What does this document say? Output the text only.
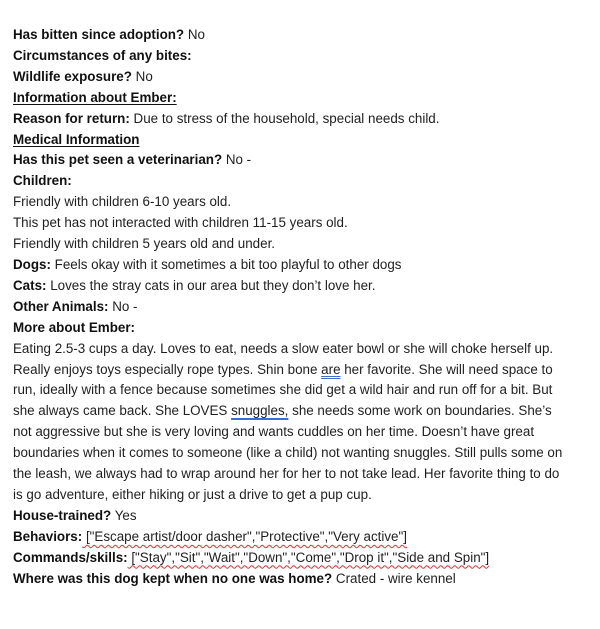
Has bitten since adoption? No
Circumstances of any bites:
Wildlife exposure? No
Information about Ember:
Reason for return: Due to stress of the household, special needs child.
Medical Information
Has this pet seen a veterinarian? No -
Children:
Friendly with children 6-10 years old.
This pet has not interacted with children 11-15 years old.
Friendly with children 5 years old and under.
Dogs: Feels okay with it sometimes a bit too playful to other dogs
Cats: Loves the stray cats in our area but they don’t love her.
Other Animals: No -
More about Ember:
Eating 2.5-3 cups a day. Loves to eat, needs a slow eater bowl or she will choke herself up. Really enjoys toys especially rope types. Shin bone are her favorite. She will need space to run, ideally with a fence because sometimes she did get a wild hair and run off for a bit. But she always came back. She LOVES snuggles, she needs some work on boundaries. She’s not aggressive but she is very loving and wants cuddles on her time. Doesn’t have great boundaries when it comes to someone (like a child) not wanting snuggles. Still pulls some on the leash, we always had to wrap around her for her to not take lead. Her favorite thing to do is go adventure, either hiking or just a drive to get a pup cup.
House-trained? Yes
Behaviors: ["Escape artist/door dasher","Protective","Very active"]
Commands/skills: ["Stay","Sit","Wait","Down","Come","Drop it","Side and Spin"]
Where was this dog kept when no one was home? Crated - wire kennel
